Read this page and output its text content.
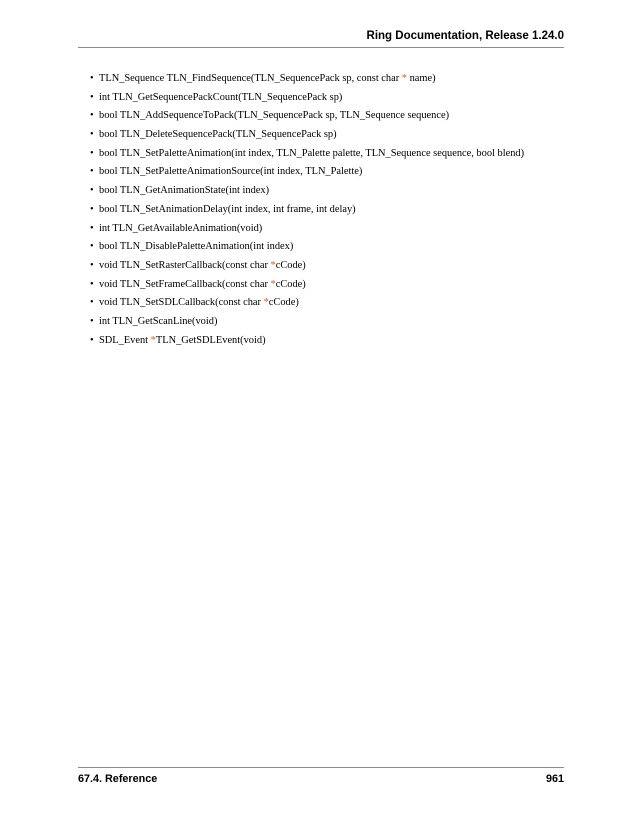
Ring Documentation, Release 1.24.0
• TLN_Sequence TLN_FindSequence(TLN_SequencePack sp, const char * name)
• int TLN_GetSequencePackCount(TLN_SequencePack sp)
• bool TLN_AddSequenceToPack(TLN_SequencePack sp, TLN_Sequence sequence)
• bool TLN_DeleteSequencePack(TLN_SequencePack sp)
• bool TLN_SetPaletteAnimation(int index, TLN_Palette palette, TLN_Sequence sequence, bool blend)
• bool TLN_SetPaletteAnimationSource(int index, TLN_Palette)
• bool TLN_GetAnimationState(int index)
• bool TLN_SetAnimationDelay(int index, int frame, int delay)
• int TLN_GetAvailableAnimation(void)
• bool TLN_DisablePaletteAnimation(int index)
• void TLN_SetRasterCallback(const char *cCode)
• void TLN_SetFrameCallback(const char *cCode)
• void TLN_SetSDLCallback(const char *cCode)
• int TLN_GetScanLine(void)
• SDL_Event *TLN_GetSDLEvent(void)
67.4. Reference	961
